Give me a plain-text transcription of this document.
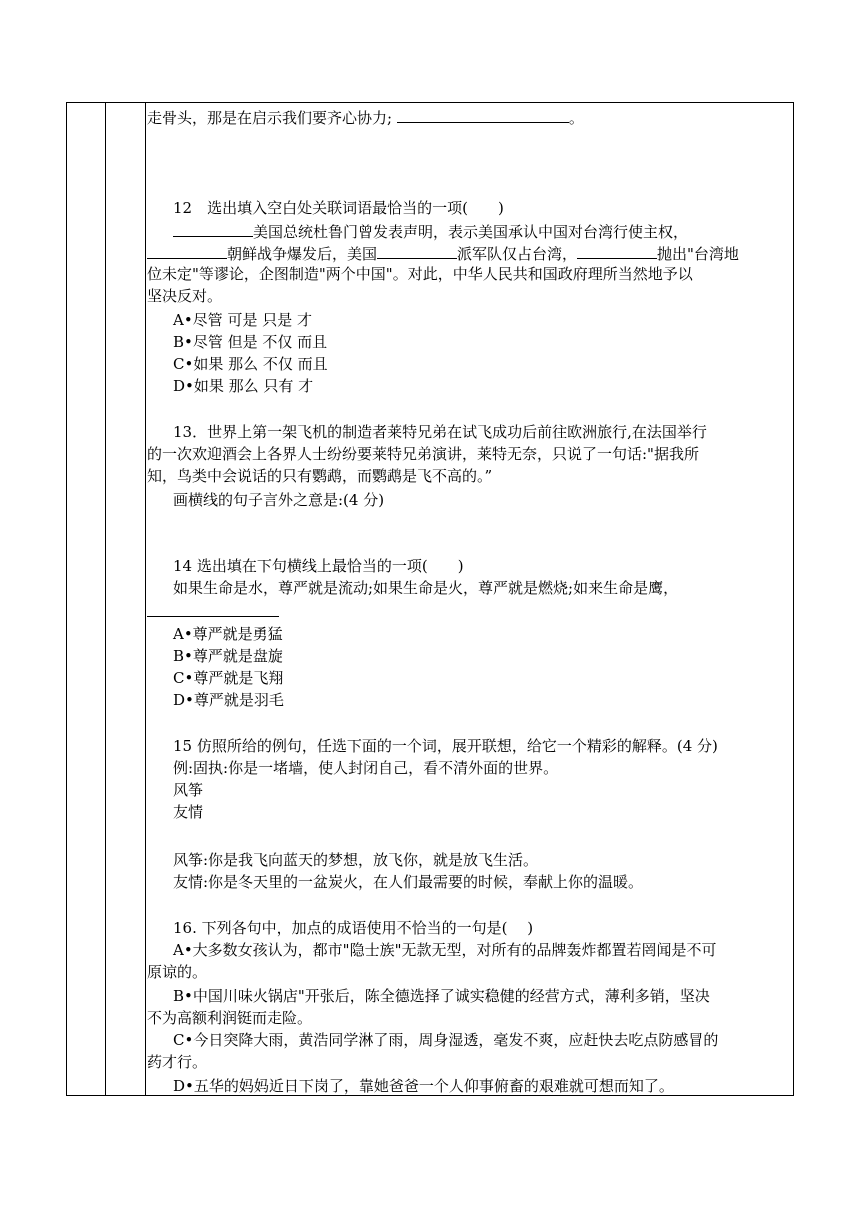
走骨头，那是在启示我们要齐心协力;	。
12　选出填入空白处关联词语最恰当的一项(　　)
美国总统杜鲁门曾发表声明，表示美国承认中国对台湾行使主权，
朝鲜战争爆发后，美国	派军队仅占台湾，	抛出"台湾地
位未定"等谬论，企图制造"两个中国"。对此，中华人民共和国政府理所当然地予以
坚决反对。
A•尽管 可是 只是 才
B•尽管 但是 不仅 而且
C•如果 那么 不仅 而且
D•如果 那么 只有 才
13．世界上第一架飞机的制造者莱特兄弟在试飞成功后前往欧洲旅行,在法国举行
的一次欢迎酒会上各界人士纷纷要莱特兄弟演讲，莱特无奈，只说了一句话:"据我所
知，鸟类中会说话的只有鹦鹉，而鹦鹉是飞不高的。”
画横线的句子言外之意是:(4 分)
14 选出填在下句横线上最恰当的一项(　　)
如果生命是水，尊严就是流动;如果生命是火，尊严就是燃烧;如来生命是鹰，
A•尊严就是勇猛
B•尊严就是盘旋
C•尊严就是飞翔
D•尊严就是羽毛
15 仿照所给的例句，任选下面的一个词，展开联想，给它一个精彩的解释。(4 分)
例:固执:你是一堵墙，使人封闭自己，看不清外面的世界。
风筝
友情
风筝:你是我飞向蓝天的梦想，放飞你，就是放飞生活。
友情:你是冬天里的一盆炭火，在人们最需要的时候，奉献上你的温暖。
16. 下列各句中，加点的成语使用不恰当的一句是(　 )
A•大多数女孩认为，都市"隐士族"无款无型，对所有的品牌轰炸都置若罔闻是不可
原谅的。
B•中国川味火锅店"开张后，陈全德选择了诚实稳健的经营方式，薄利多销，坚决
不为高额利润铤而走险。
C•今日突降大雨，黄浩同学淋了雨，周身湿透，毫发不爽，应赶快去吃点防感冒的
药才行。
D•五华的妈妈近日下岗了，靠她爸爸一个人仰事俯畜的艰难就可想而知了。
